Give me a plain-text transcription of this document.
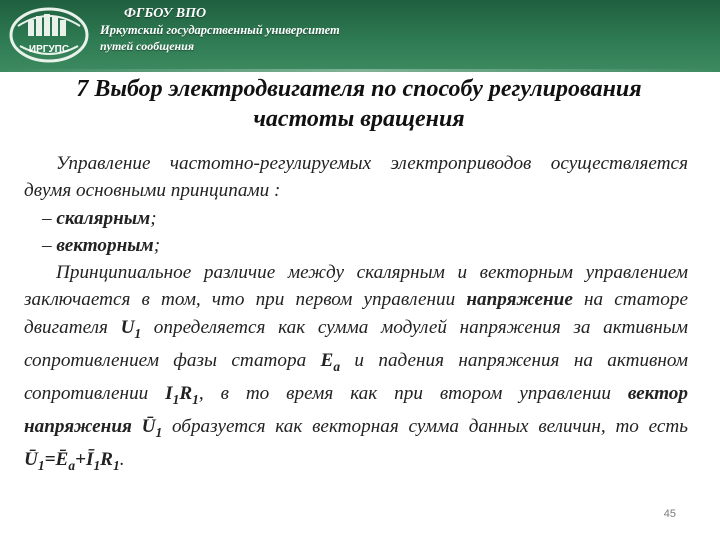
ИРГУПС
ФГБОУ ВПО
Иркутский государственный университет
путей сообщения
7 Выбор электродвигателя по способу регулирования
частоты вращения

Управление частотно-регулируемых электроприводов осуществляется двумя основными принципами :

– скалярным;

– векторным;

Принципиальное различие между скалярным и векторным управлением заключается в том, что при первом управлении напряжение на статоре двигателя $U_1$ определяется как сумма модулей напряжения за активным сопротивлением фазы статора $E_a$ и падения напряжения на активном сопротивлении $I_1R_1$, в то время как при втором управлении вектор напряжения $Ū_1$ образуется как векторная сумма данных величин, то есть $Ū_1=Ē_a+Ī_1R_1$.

45
